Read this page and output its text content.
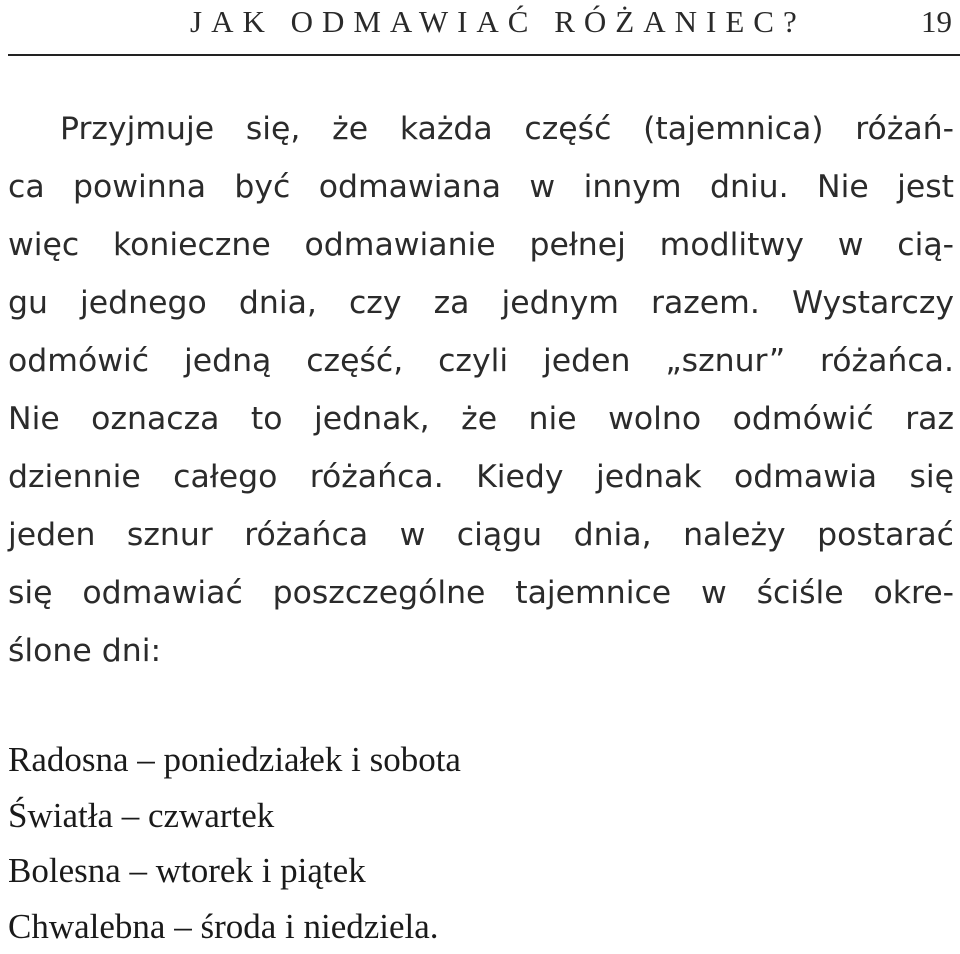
JAK ODMAWIAĆ RÓŻANIEC?	19
Przyjmuje się, że każda część (tajemnica) różań-
ca powinna być odmawiana w innym dniu. Nie jest
więc konieczne odmawianie pełnej modlitwy w cią-
gu jednego dnia, czy za jednym razem. Wystarczy
odmówić jedną część, czyli jeden „sznur” różańca.
Nie oznacza to jednak, że nie wolno odmówić raz
dziennie całego różańca. Kiedy jednak odmawia się
jeden sznur różańca w ciągu dnia, należy postarać
się odmawiać poszczególne tajemnice w ściśle okre-
ślone dni:
Radosna – poniedziałek i sobota
Światła – czwartek
Bolesna – wtorek i piątek
Chwalebna – środa i niedziela.
